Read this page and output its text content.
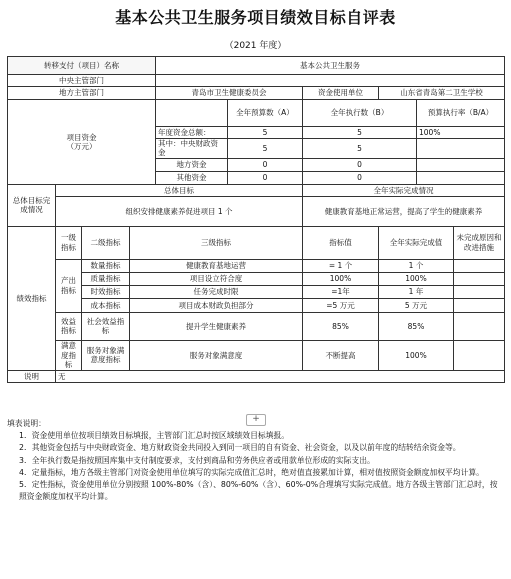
基本公共卫生服务项目绩效目标自评表
（2021 年度）
转移支付（项目）名称				基本公共卫生服务					
中央主管部门									
地方主管部门				青岛市卫生健康委员会		资金使用单位	山东省青岛第二卫生学校		
项目资金
（万元）					全年预算数（A）	全年执行数（B）		预算执行率（B/A）	
				年度资金总额：	5	5		100%	
				其中：中央财政资金	5	5			
				地方资金	0	0			
				其他资金	0	0			
总体目标完成情况	总体目标					全年实际完成情况			
	组织安排健康素养促进项目 1 个					健康教育基地正常运营，提高了学生的健康素养			
绩效指标	一级指标	二级指标	三级指标			指标值	全年实际完成值		未完成原因和改进措施
	产出指标	数量指标	健康教育基地运营			= 1 个	1 个		
		质量指标	项目设立符合度			100%	100%		
		时效指标	任务完成时限			=1年	1 年		
		成本指标	项目成本财政负担部分			=5 万元	5 万元		
	效益指标	社会效益指标	提升学生健康素养			85%	85%		
	满意度指标	服务对象满意度指标	服务对象满意度			不断提高	100%		
说明	无								
+

填表说明：

1．资金使用单位按项目绩效目标填报，主管部门汇总时按区域绩效目标填报。

2．其他资金包括与中央财政资金、地方财政资金共同投入到同一项目的自有资金、社会资金，以及以前年度的结转结余资金等。

3．全年执行数是指按照国库集中支付制度要求，支付到商品和劳务供应者或用款单位形成的实际支出。

4．定量指标，地方各级主管部门对资金使用单位填写的实际完成值汇总时，绝对值直接累加计算，相对值按照资金额度加权平均计算。

5．定性指标，资金使用单位分别按照 100%-80%（含）、80%-60%（含）、60%-0%合理填写实际完成值。地方各级主管部门汇总时，按照资金额度加权平均计算。
